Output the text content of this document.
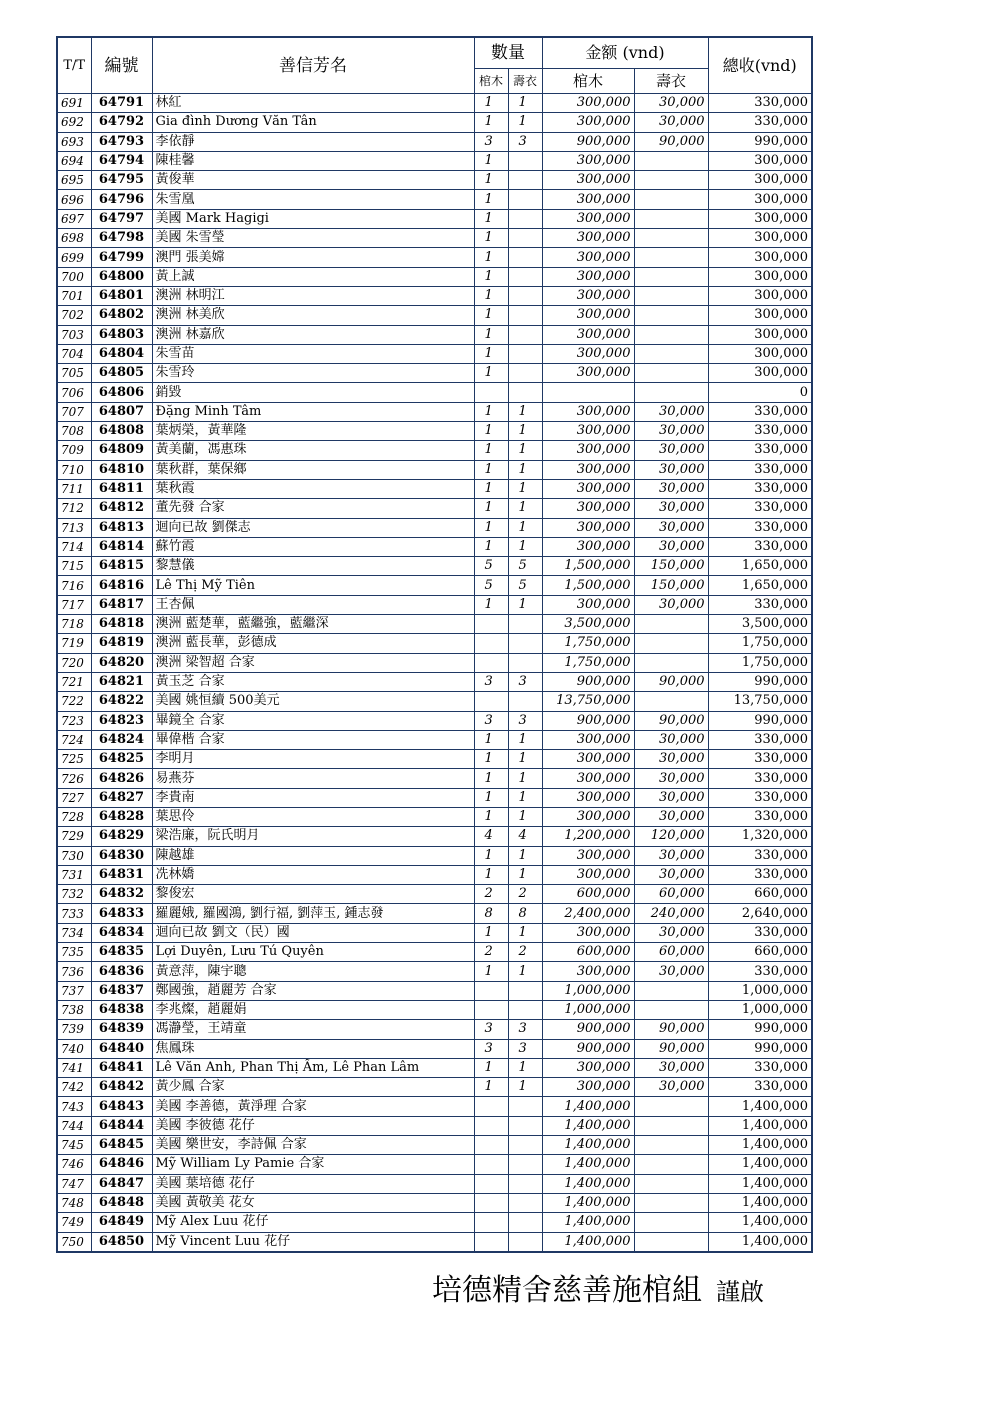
T/T	編號	善信芳名	數量		金额 (vnd)		總收(vnd)
			棺木	壽衣	棺木	壽衣	
691	64791	林紅	1	1	300,000	30,000	330,000
692	64792	Gia đình Dương Văn Tân	1	1	300,000	30,000	330,000
693	64793	李依靜	3	3	900,000	90,000	990,000
694	64794	陳桂馨	1		300,000		300,000
695	64795	黃俊華	1		300,000		300,000
696	64796	朱雪凰	1		300,000		300,000
697	64797	美國 Mark Hagigi	1		300,000		300,000
698	64798	美國 朱雪瑩	1		300,000		300,000
699	64799	澳門 張美嫦	1		300,000		300,000
700	64800	黃上誠	1		300,000		300,000
701	64801	澳洲 林明江	1		300,000		300,000
702	64802	澳洲 林美欣	1		300,000		300,000
703	64803	澳洲 林嘉欣	1		300,000		300,000
704	64804	朱雪苗	1		300,000		300,000
705	64805	朱雪玲	1		300,000		300,000
706	64806	銷毀					0
707	64807	Đặng Minh Tâm	1	1	300,000	30,000	330,000
708	64808	葉炳榮，黃華隆	1	1	300,000	30,000	330,000
709	64809	黃美蘭，馮惠珠	1	1	300,000	30,000	330,000
710	64810	葉秋群，葉保鄉	1	1	300,000	30,000	330,000
711	64811	葉秋霞	1	1	300,000	30,000	330,000
712	64812	董先發 合家	1	1	300,000	30,000	330,000
713	64813	迴向已故 劉傑志	1	1	300,000	30,000	330,000
714	64814	蘇竹霞	1	1	300,000	30,000	330,000
715	64815	黎慧儀	5	5	1,500,000	150,000	1,650,000
716	64816	Lê Thị Mỹ Tiên	5	5	1,500,000	150,000	1,650,000
717	64817	王杏佩	1	1	300,000	30,000	330,000
718	64818	澳洲 藍楚華，藍繼強，藍繼深			3,500,000		3,500,000
719	64819	澳洲 藍長華，彭德成			1,750,000		1,750,000
720	64820	澳洲 梁智超 合家			1,750,000		1,750,000
721	64821	黃玉芝 合家	3	3	900,000	90,000	990,000
722	64822	美國 姚恒續 500美元			13,750,000		13,750,000
723	64823	畢鏡全 合家	3	3	900,000	90,000	990,000
724	64824	畢偉楷 合家	1	1	300,000	30,000	330,000
725	64825	李明月	1	1	300,000	30,000	330,000
726	64826	易燕芬	1	1	300,000	30,000	330,000
727	64827	李貴南	1	1	300,000	30,000	330,000
728	64828	葉思伶	1	1	300,000	30,000	330,000
729	64829	梁浩廉，阮氏明月	4	4	1,200,000	120,000	1,320,000
730	64830	陳越雄	1	1	300,000	30,000	330,000
731	64831	冼林嬌	1	1	300,000	30,000	330,000
732	64832	黎俊宏	2	2	600,000	60,000	660,000
733	64833	羅麗娥, 羅國鴻, 劉行福, 劉萍玉, 鍾志發	8	8	2,400,000	240,000	2,640,000
734	64834	迴向已故 劉文（民）國	1	1	300,000	30,000	330,000
735	64835	Lợi Duyên, Lưu Tú Quyên	2	2	600,000	60,000	660,000
736	64836	黃意萍，陳宇聰	1	1	300,000	30,000	330,000
737	64837	鄭國強，趙麗芳 合家			1,000,000		1,000,000
738	64838	李兆燦，趙麗娟			1,000,000		1,000,000
739	64839	馮瀞瑩，王靖童	3	3	900,000	90,000	990,000
740	64840	焦鳳珠	3	3	900,000	90,000	990,000
741	64841	Lê Văn Anh, Phan Thị Ấm, Lê Phan Lâm	1	1	300,000	30,000	330,000
742	64842	黃少鳳 合家	1	1	300,000	30,000	330,000
743	64843	美國 李善德，黃淨理 合家			1,400,000		1,400,000
744	64844	美國 李彼德 花仔			1,400,000		1,400,000
745	64845	美國 樂世安，李詩佩 合家			1,400,000		1,400,000
746	64846	Mỹ William Ly Pamie 合家			1,400,000		1,400,000
747	64847	美國 葉培德 花仔			1,400,000		1,400,000
748	64848	美國 黃敬美 花女			1,400,000		1,400,000
749	64849	Mỹ Alex Luu 花仔			1,400,000		1,400,000
750	64850	Mỹ Vincent Luu 花仔			1,400,000		1,400,000
培德精舍慈善施棺組 謹啟
